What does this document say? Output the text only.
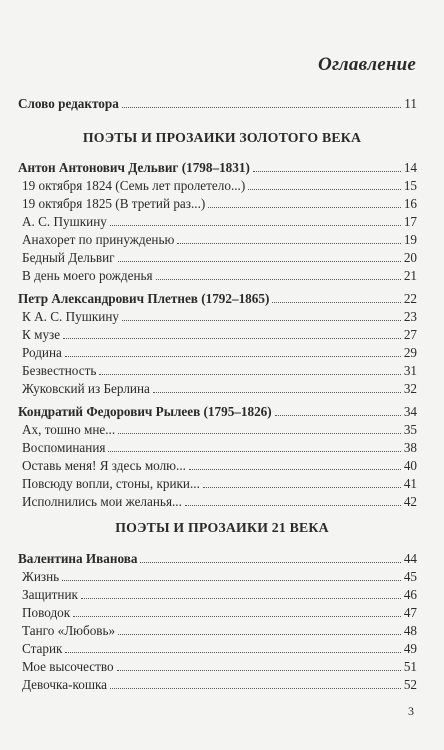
Оглавление
Слово редактора	11
ПОЭТЫ И ПРОЗАИКИ ЗОЛОТОГО ВЕКА
Антон Антонович Дельвиг (1798–1831)	14
19 октября 1824 (Семь лет пролетело...)	15
19 октября 1825 (В третий раз...)	16
А. С. Пушкину	17
Анахорет по принужденью	19
Бедный Дельвиг	20
В день моего рожденья	21
Петр Александрович Плетнев (1792–1865)	22
К А. С. Пушкину	23
К музе	27
Родина	29
Безвестность	31
Жуковский из Берлина	32
Кондратий Федорович Рылеев (1795–1826)	34
Ах, тошно мне...	35
Воспоминания	38
Оставь меня! Я здесь молю...	40
Повсюду вопли, стоны, крики...	41
Исполнились мои желанья...	42
ПОЭТЫ И ПРОЗАИКИ 21 ВЕКА
Валентина Иванова	44
Жизнь	45
Защитник	46
Поводок	47
Танго «Любовь»	48
Старик	49
Мое высочество	51
Девочка-кошка	52
3
